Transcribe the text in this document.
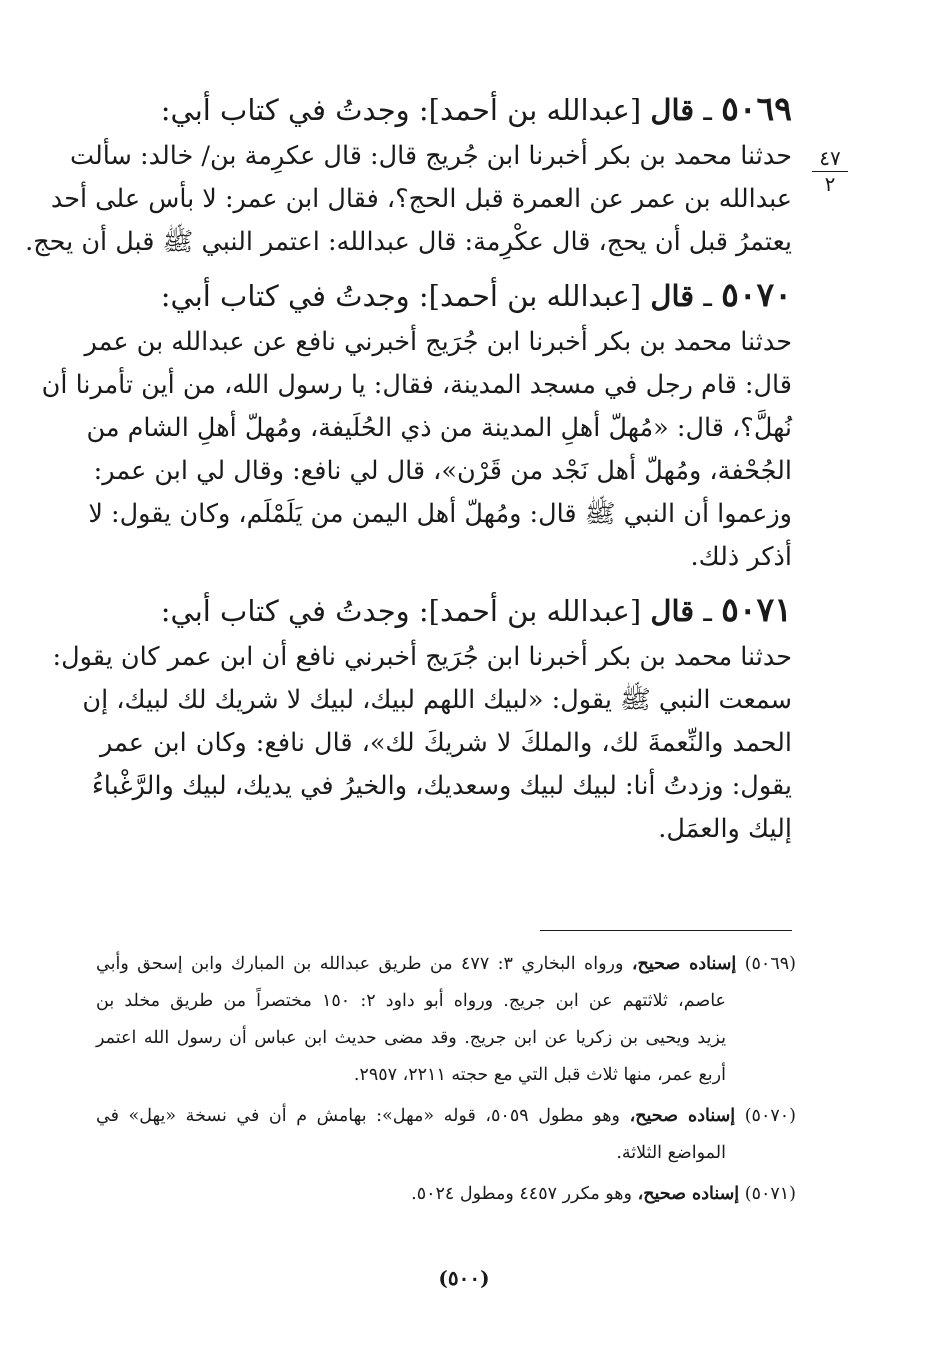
٤٧
٢
٥٠٦٩ ـ قال [عبدالله بن أحمد]: وجدتُ في كتاب أبي:
حدثنا محمد بن بكر أخبرنا ابن جُريج قال: قال عكرِمة بن/ خالد: سألت
عبدالله بن عمر عن العمرة قبل الحج؟، فقال ابن عمر: لا بأس على أحد
يعتمرُ قبل أن يحج، قال عكْرِمة: قال عبدالله: اعتمر النبي ﷺ قبل أن يحج.
٥٠٧٠ ـ قال [عبدالله بن أحمد]: وجدتُ في كتاب أبي:
حدثنا محمد بن بكر أخبرنا ابن جُرَيج أخبرني نافع عن عبدالله بن عمر
قال: قام رجل في مسجد المدينة، فقال: يا رسول الله، من أين تأمرنا أن
نُهلَّ؟، قال: «مُهلّ أهلِ المدينة من ذي الحُلَيفة، ومُهلّ أهلِ الشام من
الجُحْفة، ومُهلّ أهل نَجْد من قَرْن»، قال لي نافع: وقال لي ابن عمر:
وزعموا أن النبي ﷺ قال: ومُهلّ أهل اليمن من يَلَمْلَم، وكان يقول: لا
أذكر ذلك.
٥٠٧١ ـ قال [عبدالله بن أحمد]: وجدتُ في كتاب أبي:
حدثنا محمد بن بكر أخبرنا ابن جُرَيج أخبرني نافع أن ابن عمر كان يقول:
سمعت النبي ﷺ يقول: «لبيك اللهم لبيك، لبيك لا شريك لك لبيك، إن
الحمد والنِّعمةَ لك، والملكَ لا شريكَ لك»، قال نافع: وكان ابن عمر
يقول: وزدتُ أنا: لبيك لبيك وسعديك، والخيرُ في يديك، لبيك والرَّغْباءُ
إليك والعمَل.
(٥٠٦٩) إسناده صحيح، ورواه البخاري ٣: ٤٧٧ من طريق عبدالله بن المبارك وابن إسحق وأبي
عاصم، ثلاثتهم عن ابن جريج. ورواه أبو داود ٢: ١٥٠ مختصراً من طريق مخلد بن
يزيد ويحيى بن زكريا عن ابن جريج. وقد مضى حديث ابن عباس أن رسول الله اعتمر
أربع عمر، منها ثلاث قبل التي مع حجته ٢٢١١، ٢٩٥٧.
(٥٠٧٠) إسناده صحيح، وهو مطول ٥٠٥٩، قوله «مهل»: بهامش م أن في نسخة «يهل» في
المواضع الثلاثة.
(٥٠٧١) إسناده صحيح، وهو مكرر ٤٤٥٧ ومطول ٥٠٢٤.
(٥٠٠)
